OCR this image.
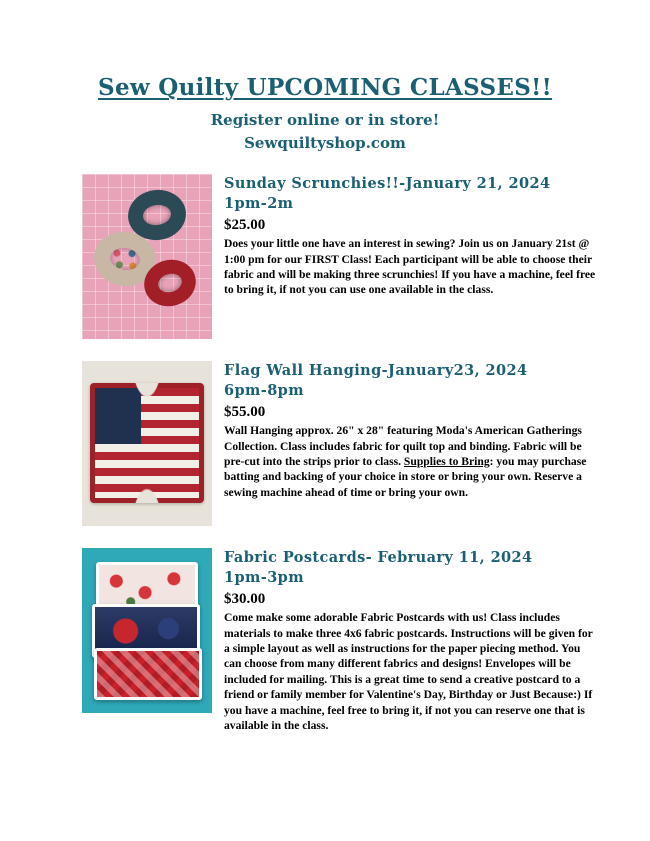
Sew Quilty UPCOMING CLASSES!!

Register online or in store!

Sewquiltyshop.com

Sunday Scrunchies!!-January 21, 2024

1pm-2m

$25.00

Does your little one have an interest in sewing? Join us on January 21st @ 1:00 pm for our FIRST Class! Each participant will be able to choose their fabric and will be making three scrunchies! If you have a machine, feel free to bring it, if not you can use one available in the class.

Flag Wall Hanging-January23, 2024

6pm-8pm

$55.00

Wall Hanging approx. 26" x 28" featuring Moda's American Gatherings Collection. Class includes fabric for quilt top and binding. Fabric will be pre-cut into the strips prior to class. Supplies to Bring: you may purchase batting and backing of your choice in store or bring your own. Reserve a sewing machine ahead of time or bring your own.

Fabric Postcards- February 11, 2024

1pm-3pm

$30.00

Come make some adorable Fabric Postcards with us! Class includes materials to make three 4x6 fabric postcards. Instructions will be given for a simple layout as well as instructions for the paper piecing method. You can choose from many different fabrics and designs! Envelopes will be included for mailing. This is a great time to send a creative postcard to a friend or family member for Valentine's Day, Birthday or Just Because:) If you have a machine, feel free to bring it, if not you can reserve one that is available in the class.
